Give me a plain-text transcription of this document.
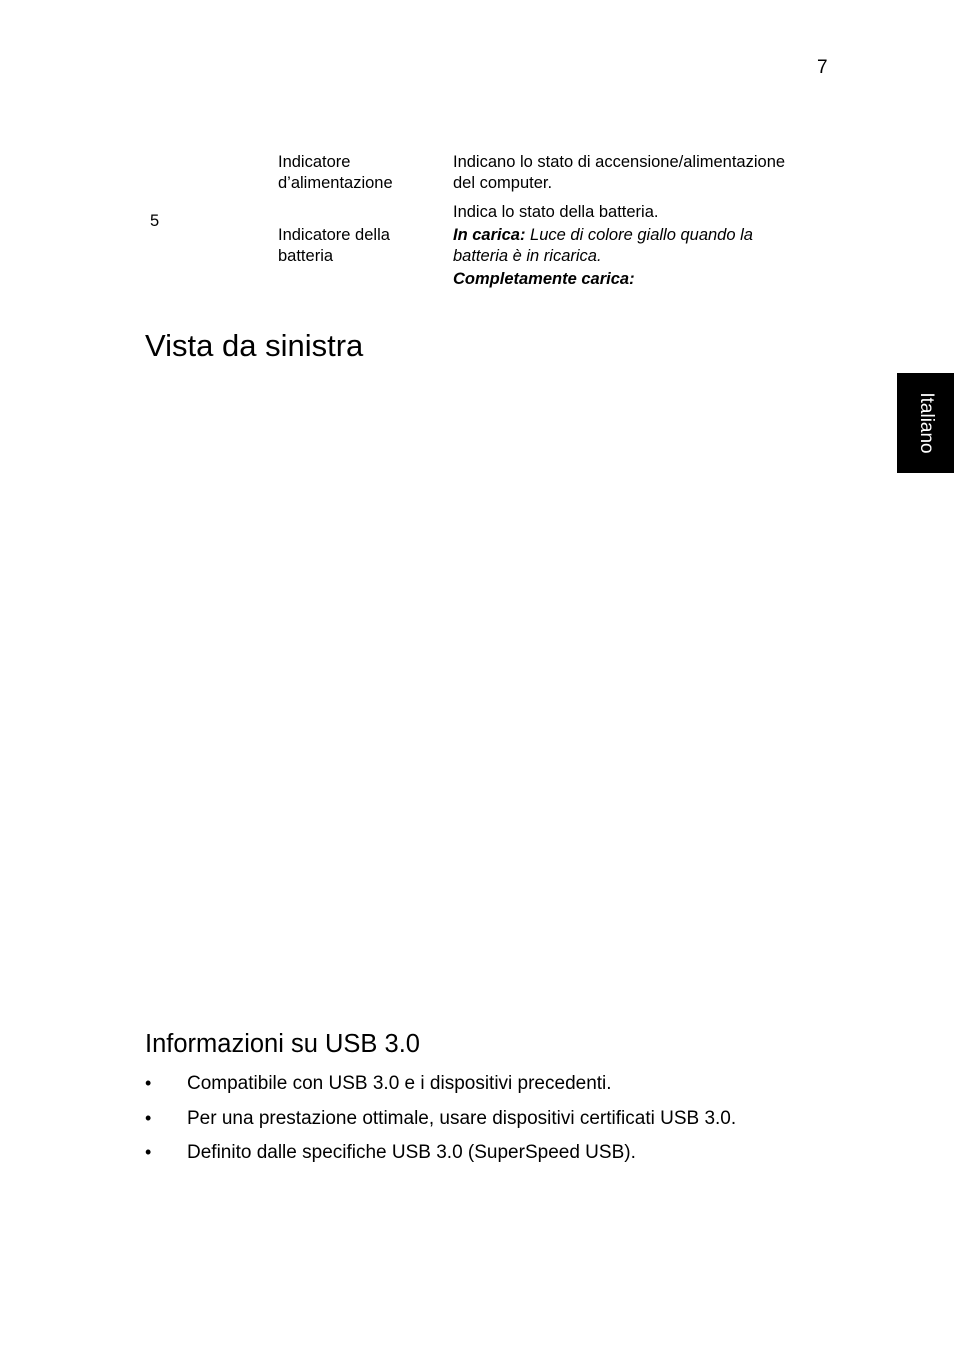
7
Italiano
5
Indicatore
d’alimentazione
Indicano lo stato di accensione/alimentazione
del computer.
Indicatore della
batteria
Indica lo stato della batteria.
In carica: Luce di colore giallo quando la
batteria è in ricarica.
Completamente carica:
Vista da sinistra
Informazioni su USB 3.0
• Compatibile con USB 3.0 e i dispositivi precedenti.
• Per una prestazione ottimale, usare dispositivi certificati USB 3.0.
• Definito dalle specifiche USB 3.0 (SuperSpeed USB).
